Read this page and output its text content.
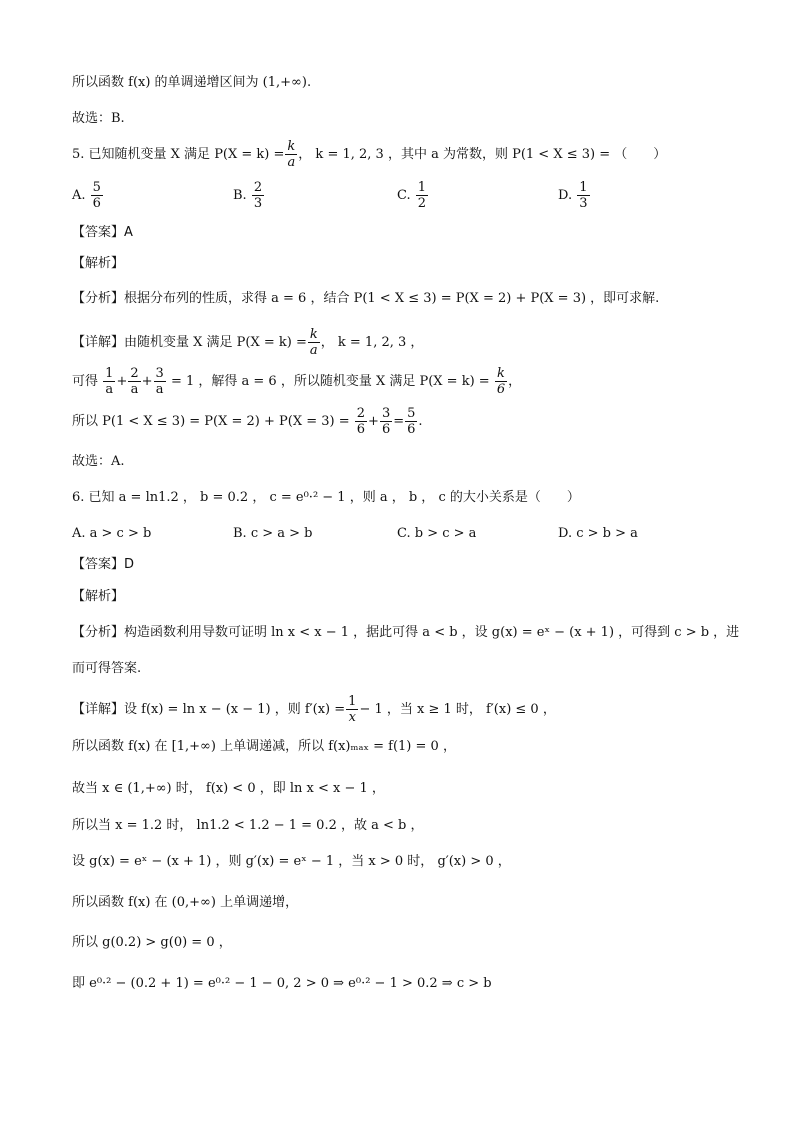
所以函数 f(x) 的单调递增区间为 (1,+∞).
故选：B.
5. 已知随机变量 X 满足 $P(X = k) = \frac{k}{a}$ ， k = 1, 2, 3 ，其中 a 为常数，则 P(1 < X ≤ 3) = （　　）
A. $\frac{5}{6}$	B. $\frac{2}{3}$	C. $\frac{1}{2}$	D. $\frac{1}{3}$
【答案】A
【解析】
【分析】根据分布列的性质，求得 a = 6 ，结合 P(1 < X ≤ 3) = P(X = 2) + P(X = 3) ，即可求解.
【详解】由随机变量 X 满足 $P(X = k) = \frac{k}{a}$ ， k = 1, 2, 3 ，
可得 $\frac{1}{a} + \frac{2}{a} + \frac{3}{a} = 1$ ，解得 a = 6 ，所以随机变量 X 满足 $P(X = k) = \frac{k}{6}$ ，
所以 $P(1 < X \le 3) = P(X = 2) + P(X = 3) = \frac{2}{6} + \frac{3}{6} = \frac{5}{6}$ .
故选：A.
6. 已知 a = ln1.2 ， b = 0.2 ， c = e⁰·² − 1 ，则 a ， b ， c 的大小关系是（　　）
A. a > c > b	B. c > a > b	C. b > c > a	D. c > b > a
【答案】D
【解析】
【分析】构造函数利用导数可证明 ln x < x − 1 ，据此可得 a < b ，设 g(x) = eˣ − (x + 1) ，可得到 c > b ，进
而可得答案.
【详解】设 f(x) = ln x − (x − 1) ，则 $f'(x) = \frac{1}{x} - 1$ ，当 x ≥ 1 时， f′(x) ≤ 0 ，
所以函数 f(x) 在 [1,+∞) 上单调递减，所以 f(x)ₘₐₓ = f(1) = 0 ，
故当 x ∈ (1,+∞) 时， f(x) < 0 ，即 ln x < x − 1 ，
所以当 x = 1.2 时， ln1.2 < 1.2 − 1 = 0.2 ，故 a < b ，
设 g(x) = eˣ − (x + 1) ，则 g′(x) = eˣ − 1 ，当 x > 0 时， g′(x) > 0 ，
所以函数 f(x) 在 (0,+∞) 上单调递增，
所以 g(0.2) > g(0) = 0 ，
即 e⁰·² − (0.2 + 1) = e⁰·² − 1 − 0, 2 > 0 ⇒ e⁰·² − 1 > 0.2 ⇒ c > b
